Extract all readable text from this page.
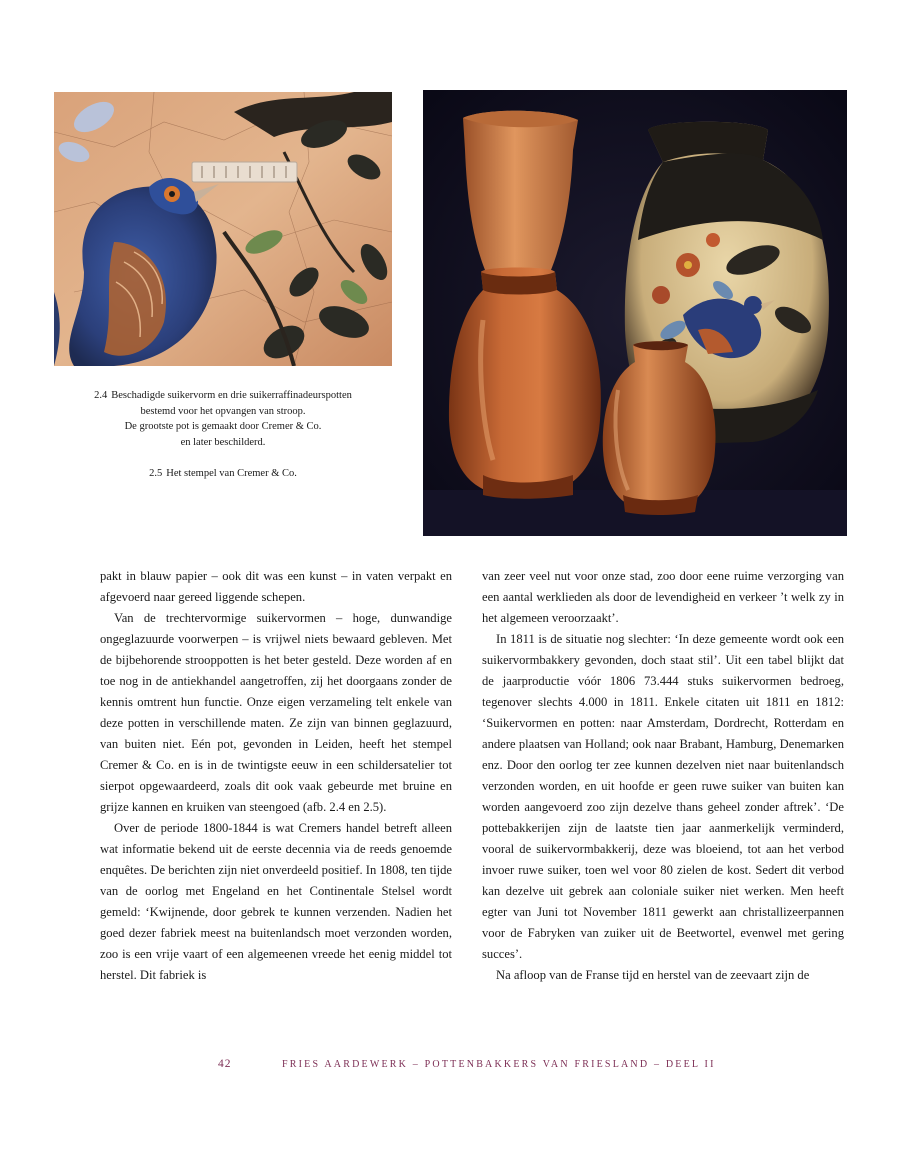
2.4 Beschadigde suikervorm en drie suikerraffinadeurspotten
bestemd voor het opvangen van stroop.
De grootste pot is gemaakt door Cremer & Co.
en later beschilderd.

2.5 Het stempel van Cremer & Co.

pakt in blauw papier – ook dit was een kunst – in vaten verpakt en afgevoerd naar gereed liggende schepen.

Van de trechtervormige suikervormen – hoge, dunwandige ongeglazuurde voorwerpen – is vrijwel niets bewaard gebleven. Met de bijbehorende strooppotten is het beter gesteld. Deze worden af en toe nog in de antiekhandel aangetroffen, zij het doorgaans zonder de kennis omtrent hun functie. Onze eigen verzameling telt enkele van deze potten in verschillende maten. Ze zijn van binnen geglazuurd, van buiten niet. Eén pot, gevonden in Leiden, heeft het stempel Cremer & Co. en is in de twintigste eeuw in een schildersatelier tot sierpot opgewaardeerd, zoals dit ook vaak gebeurde met bruine en grijze kannen en kruiken van steengoed (afb. 2.4 en 2.5).

Over de periode 1800-1844 is wat Cremers handel betreft alleen wat informatie bekend uit de eerste decennia via de reeds genoemde enquêtes. De berichten zijn niet onverdeeld positief. In 1808, ten tijde van de oorlog met Engeland en het Continentale Stelsel wordt gemeld: ‘Kwijnende, door gebrek te kunnen verzenden. Nadien het goed dezer fabriek meest na buitenlandsch moet verzonden worden, zoo is een vrije vaart of een algemeenen vreede het eenig middel tot herstel. Dit fabriek is

van zeer veel nut voor onze stad, zoo door eene ruime verzorging van een aantal werklieden als door de levendigheid en verkeer ’t welk zy in het algemeen veroorzaakt’.

In 1811 is de situatie nog slechter: ‘In deze gemeente wordt ook een suikervormbakkery gevonden, doch staat stil’. Uit een tabel blijkt dat de jaarproductie vóór 1806 73.444 stuks suikervormen bedroeg, tegenover slechts 4.000 in 1811. Enkele citaten uit 1811 en 1812: ‘Suikervormen en potten: naar Amsterdam, Dordrecht, Rotterdam en andere plaatsen van Holland; ook naar Brabant, Hamburg, Denemarken enz. Door den oorlog ter zee kunnen dezelven niet naar buitenlandsch verzonden worden, en uit hoofde er geen ruwe suiker van buiten kan worden aangevoerd zoo zijn dezelve thans geheel zonder aftrek’. ‘De pottebakkerijen zijn de laatste tien jaar aanmerkelijk verminderd, vooral de suikervormbakkerij, deze was bloeiend, tot aan het verbod invoer ruwe suiker, toen wel voor 80 zielen de kost. Sedert dit verbod kan dezelve uit gebrek aan coloniale suiker niet werken. Men heeft egter van Juni tot November 1811 gewerkt aan christallizeerpannen voor de Fabryken van zuiker uit de Beetwortel, evenwel met gering succes’.

Na afloop van de Franse tijd en herstel van de zeevaart zijn de

42	FRIES AARDEWERK – POTTENBAKKERS VAN FRIESLAND – DEEL II
